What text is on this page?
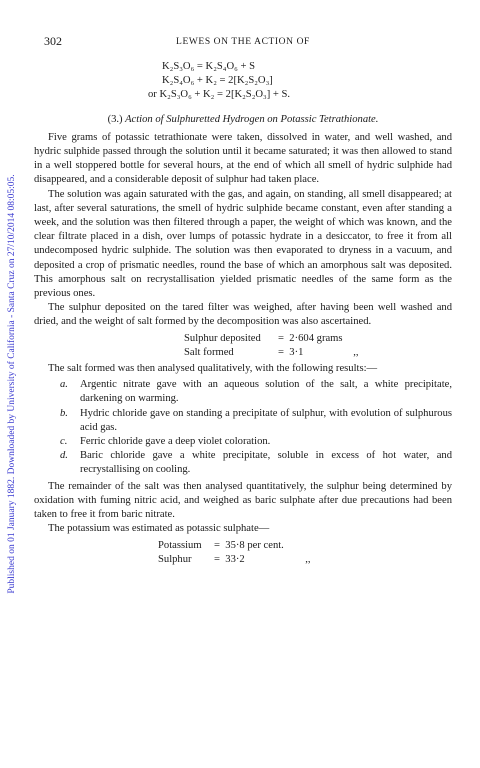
Published on 01 January 1882. Downloaded by University of California - Santa Cruz on 27/10/2014 08:05:05.
302	LEWES ON THE ACTION OF
K₂S₃O₆ = K₂S₄O₆ + S
K₂S₄O₆ + K₂ = 2[K₂S₂O₃]
or K₂S₃O₆ + K₂ = 2[K₂S₂O₃] + S.
(3.) Action of Sulphuretted Hydrogen on Potassic Tetrathionate.

Five grams of potassic tetrathionate were taken, dissolved in water, and well washed, and hydric sulphide passed through the solution until it became saturated; it was then allowed to stand in a well stoppered bottle for several hours, at the end of which all smell of hydric sulphide had disappeared, and a considerable deposit of sulphur had taken place.

The solution was again saturated with the gas, and again, on standing, all smell disappeared; at last, after several saturations, the smell of hydric sulphide became constant, even after standing a week, and the solution was then filtered through a paper, the weight of which was known, and the clear filtrate placed in a dish, over lumps of potassic hydrate in a desiccator, to free it from all undecomposed hydric sulphide. The solution was then evaporated to dryness in a vacuum, and deposited a crop of prismatic needles, round the base of which an amorphous salt was deposited. This amorphous salt on recrystallisation yielded prismatic needles of the same form as the previous ones.

The sulphur deposited on the tared filter was weighed, after having been well washed and dried, and the weight of salt formed by the decomposition was also ascertained.

Sulphur deposited = 2·604 grams
Salt formed	= 3·1	,,

The salt formed was then analysed qualitatively, with the following results:—

a. Argentic nitrate gave with an aqueous solution of the salt, a white precipitate, darkening on warming.
b. Hydric chloride gave on standing a precipitate of sulphur, with evolution of sulphurous acid gas.
c. Ferric chloride gave a deep violet coloration.
d. Baric chloride gave a white precipitate, soluble in excess of hot water, and recrystallising on cooling.

The remainder of the salt was then analysed quantitatively, the sulphur being determined by oxidation with fuming nitric acid, and weighed as baric sulphate after due precautions had been taken to free it from baric nitrate.

The potassium was estimated as potassic sulphate—

Potassium = 35·8 per cent.
Sulphur = 33·2	,,
